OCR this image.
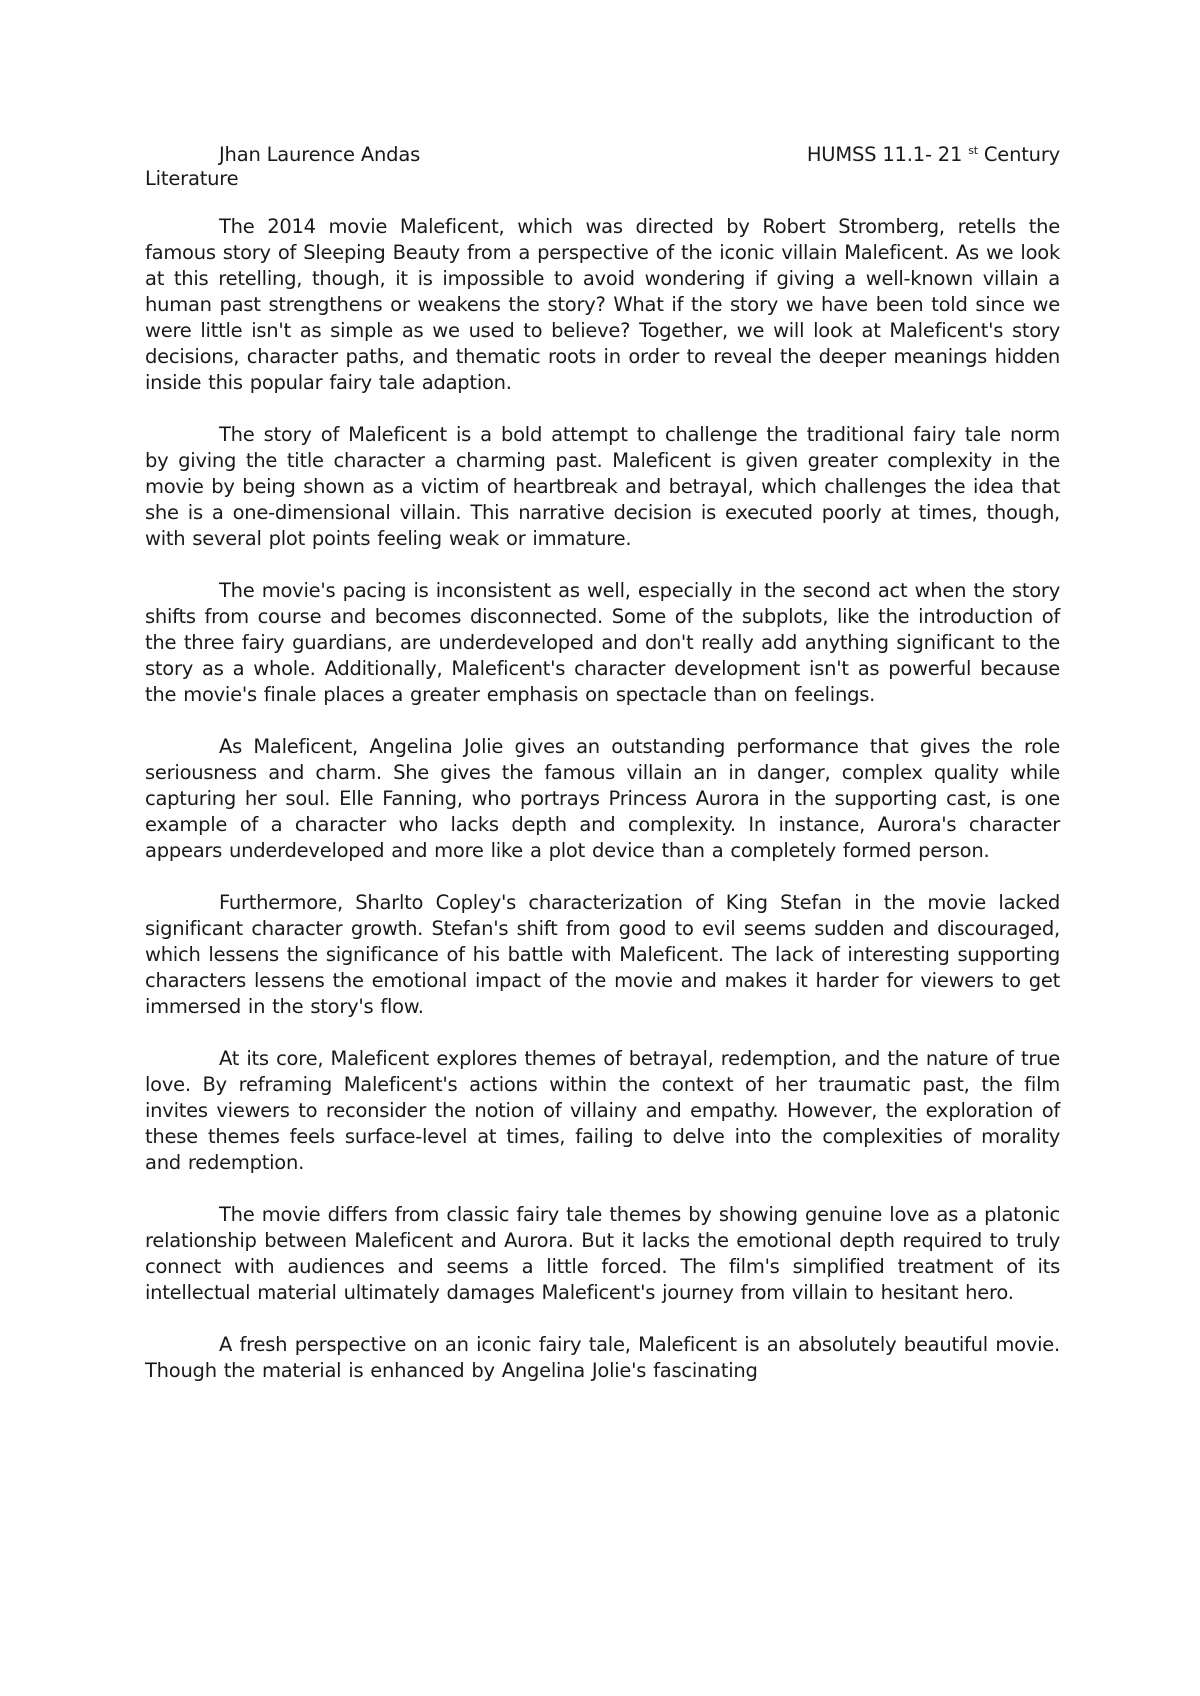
Jhan Laurence Andas	HUMSS 11.1- 21 $^{st}$ Century
Literature

The 2014 movie Maleficent, which was directed by Robert Stromberg, retells the famous story of Sleeping Beauty from a perspective of the iconic villain Maleficent. As we look at this retelling, though, it is impossible to avoid wondering if giving a well-known villain a human past strengthens or weakens the story? What if the story we have been told since we were little isn't as simple as we used to believe? Together, we will look at Maleficent's story decisions, character paths, and thematic roots in order to reveal the deeper meanings hidden inside this popular fairy tale adaption.

The story of Maleficent is a bold attempt to challenge the traditional fairy tale norm by giving the title character a charming past. Maleficent is given greater complexity in the movie by being shown as a victim of heartbreak and betrayal, which challenges the idea that she is a one-dimensional villain. This narrative decision is executed poorly at times, though, with several plot points feeling weak or immature.

The movie's pacing is inconsistent as well, especially in the second act when the story shifts from course and becomes disconnected. Some of the subplots, like the introduction of the three fairy guardians, are underdeveloped and don't really add anything significant to the story as a whole. Additionally, Maleficent's character development isn't as powerful because the movie's finale places a greater emphasis on spectacle than on feelings.

As Maleficent, Angelina Jolie gives an outstanding performance that gives the role seriousness and charm. She gives the famous villain an in danger, complex quality while capturing her soul. Elle Fanning, who portrays Princess Aurora in the supporting cast, is one example of a character who lacks depth and complexity. In instance, Aurora's character appears underdeveloped and more like a plot device than a completely formed person.

Furthermore, Sharlto Copley's characterization of King Stefan in the movie lacked significant character growth. Stefan's shift from good to evil seems sudden and discouraged, which lessens the significance of his battle with Maleficent. The lack of interesting supporting characters lessens the emotional impact of the movie and makes it harder for viewers to get immersed in the story's flow.

At its core, Maleficent explores themes of betrayal, redemption, and the nature of true love. By reframing Maleficent's actions within the context of her traumatic past, the film invites viewers to reconsider the notion of villainy and empathy. However, the exploration of these themes feels surface-level at times, failing to delve into the complexities of morality and redemption.

The movie differs from classic fairy tale themes by showing genuine love as a platonic relationship between Maleficent and Aurora. But it lacks the emotional depth required to truly connect with audiences and seems a little forced. The film's simplified treatment of its intellectual material ultimately damages Maleficent's journey from villain to hesitant hero.

A fresh perspective on an iconic fairy tale, Maleficent is an absolutely beautiful movie. Though the material is enhanced by Angelina Jolie's fascinating
